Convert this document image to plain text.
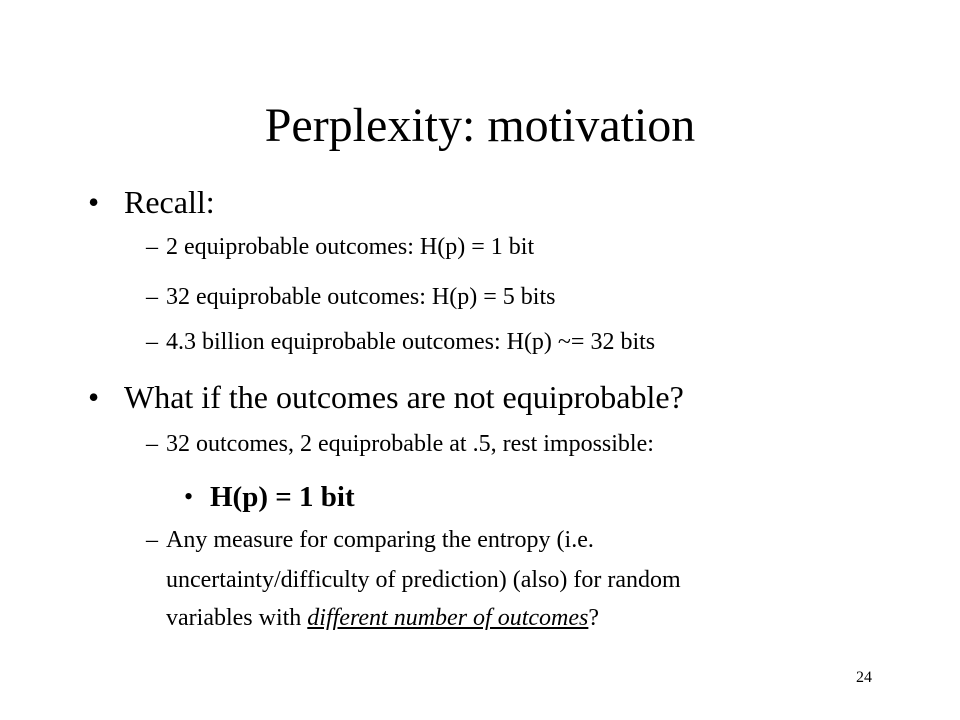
Perplexity: motivation
• Recall:
– 2 equiprobable outcomes: H(p) = 1 bit
– 32 equiprobable outcomes: H(p) = 5 bits
– 4.3 billion equiprobable outcomes: H(p) ~= 32 bits
• What if the outcomes are not equiprobable?
– 32 outcomes, 2 equiprobable at .5, rest impossible:
• H(p) = 1 bit
– Any measure for comparing the entropy (i.e.
uncertainty/difficulty of prediction) (also) for random
variables with different number of outcomes?
24
